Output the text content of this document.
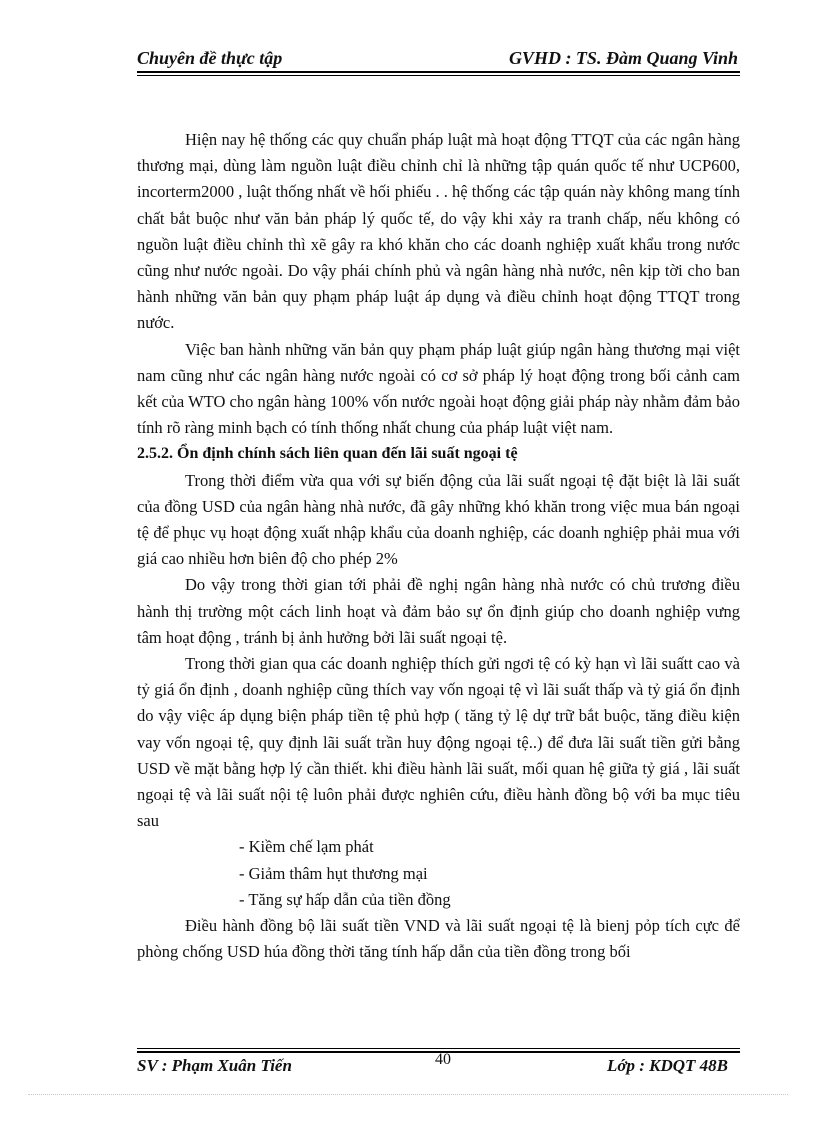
Chuyên đề thực tập	GVHD : TS. Đàm Quang Vinh

Hiện nay hệ thống các quy chuẩn pháp luật mà hoạt động TTQT của các ngân hàng thương mại, dùng làm nguồn luật điều chỉnh chỉ là những tập quán quốc tế như UCP600, incorterm2000 , luật thống nhất về hối phiếu . . hệ thống các tập quán này không mang tính chất bắt buộc như văn bản pháp lý quốc tế, do vậy khi xảy ra tranh chấp, nếu không có nguồn luật điều chỉnh thì xẽ gây ra khó khăn cho các doanh nghiệp xuất khẩu trong nước cũng như nước ngoài. Do vậy phái chính phủ và ngân hàng nhà nước, nên kịp tời cho ban hành những văn bản quy phạm pháp luật áp dụng và điều chỉnh hoạt động TTQT trong nước.

Việc ban hành những văn bản quy phạm pháp luật giúp ngân hàng thương mại việt nam cũng như các ngân hàng nước ngoài có cơ sở pháp lý hoạt động trong bối cảnh cam kết của WTO cho ngân hàng 100% vốn nước ngoài hoạt động giải pháp này nhằm đảm bảo tính rõ ràng minh bạch có tính thống nhất chung của pháp luật việt nam.

2.5.2. Ổn định chính sách liên quan đến lãi suất ngoại tệ

Trong thời điểm vừa qua với sự biến động của lãi suất ngoại tệ đặt biệt là lãi suất của đồng USD của ngân hàng nhà nước, đã gây những khó khăn trong việc mua bán ngoại tệ để phục vụ hoạt động xuất nhập khẩu của doanh nghiệp, các doanh nghiệp phải mua với giá cao nhiều hơn biên độ cho phép 2%

Do vậy trong thời gian tới phải đề nghị ngân hàng nhà nước có chủ trương điều hành thị trường một cách linh hoạt và đảm bảo sự ổn định giúp cho doanh nghiệp vưng tâm hoạt động , tránh bị ảnh hưởng bởi lãi suất ngoại tệ.

Trong thời gian qua các doanh nghiệp thích gửi ngơi tệ có kỳ hạn vì lãi suấtt cao và tỷ giá ổn định , doanh nghiệp cũng thích vay vốn ngoại tệ vì lãi suất thấp và tỷ giá ổn định do vậy việc áp dụng biện pháp tiền tệ phủ hợp ( tăng tỷ lệ dự trữ bắt buộc, tăng điều kiện vay vốn ngoại tệ, quy định lãi suất trần huy động ngoại tệ..) để đưa lãi suất tiền gửi bằng USD về mặt bằng hợp lý cần thiết. khi điều hành lãi suất, mối quan hệ giữa tỷ giá , lãi suất ngoại tệ và lãi suất nội tệ luôn phải được nghiên cứu, điều hành đồng bộ với ba mục tiêu sau

- Kiềm chế lạm phát

- Giảm thâm hụt thương mại

- Tăng sự hấp dẫn của tiền đồng

Điều hành đồng bộ lãi suất tiền VND và lãi suất ngoại tệ là bienj pỏp tích cực để phòng chống USD húa đồng thời tăng tính hấp dẫn của tiền đồng trong bối

SV : Phạm Xuân Tiến	40	Lớp : KDQT 48B
